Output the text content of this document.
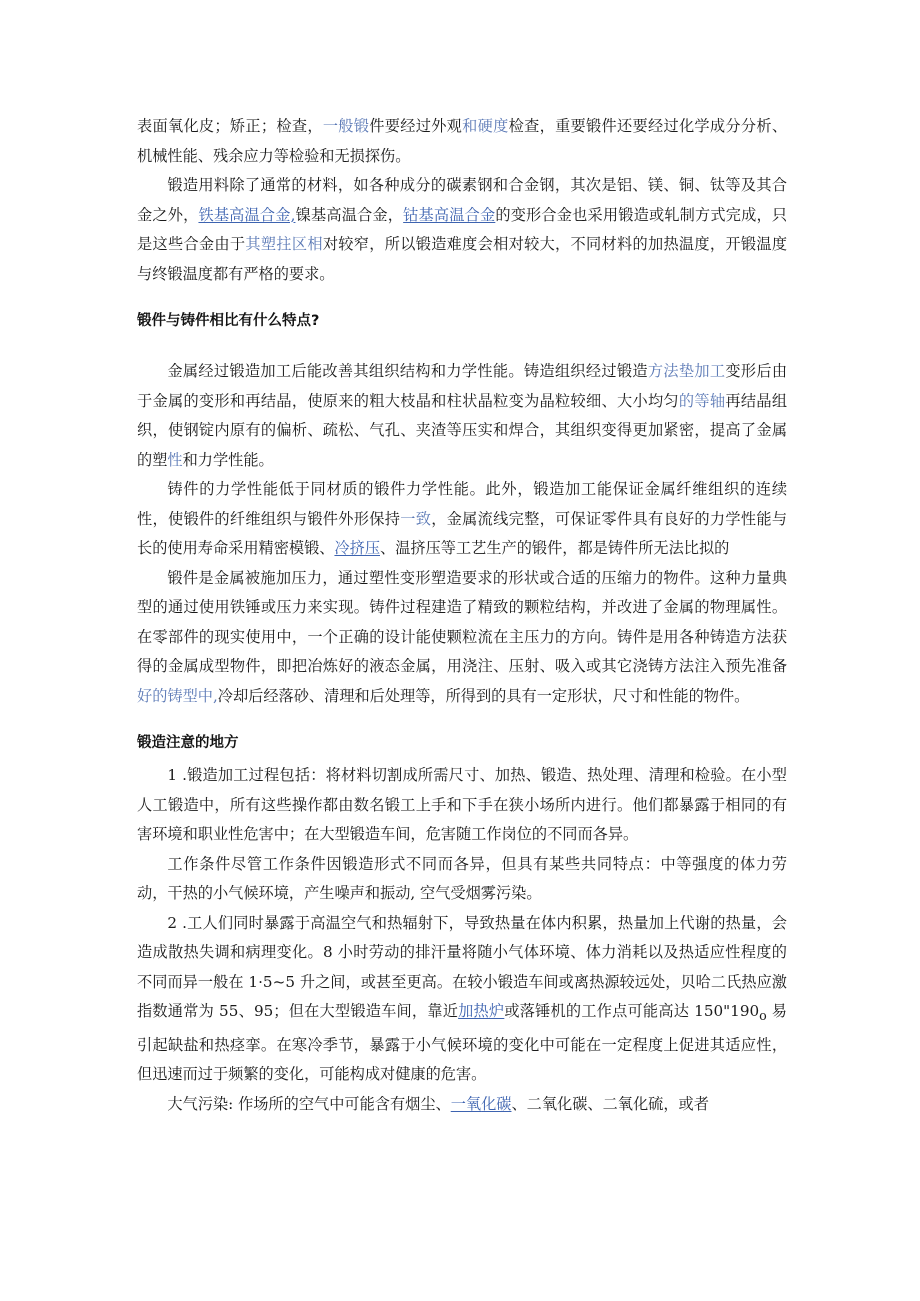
表面氧化皮；矫正；检查，一般锻件要经过外观和硬度检查，重要锻件还要经过化学成分分析、机械性能、残余应力等检验和无损探伤。

锻造用料除了通常的材料，如各种成分的碳素钢和合金钢，其次是铝、镁、铜、钛等及其合金之外，铁基高温合金,镍基高温合金，钴基高温合金的变形合金也采用锻造或轧制方式完成，只是这些合金由于其塑拄区相对较窄，所以锻造难度会相对较大，不同材料的加热温度，开锻温度与终锻温度都有严格的要求。

锻件与铸件相比有什么特点?

金属经过锻造加工后能改善其组织结构和力学性能。铸造组织经过锻造方法垫加工变形后由于金属的变形和再结晶，使原来的粗大枝晶和柱状晶粒变为晶粒较细、大小均匀的等轴再结晶组织，使钢锭内原有的偏析、疏松、气孔、夹渣等压实和焊合，其组织变得更加紧密，提高了金属的塑性和力学性能。

铸件的力学性能低于同材质的锻件力学性能。此外，锻造加工能保证金属纤维组织的连续性，使锻件的纤维组织与锻件外形保持一致，金属流线完整，可保证零件具有良好的力学性能与长的使用寿命采用精密模锻、冷挤压、温挤压等工艺生产的锻件，都是铸件所无法比拟的

锻件是金属被施加压力，通过塑性变形塑造要求的形状或合适的压缩力的物件。这种力量典型的通过使用铁锤或压力来实现。铸件过程建造了精致的颗粒结构，并改进了金属的物理属性。在零部件的现实使用中，一个正确的设计能使颗粒流在主压力的方向。铸件是用各种铸造方法获得的金属成型物件，即把冶炼好的液态金属，用浇注、压射、吸入或其它浇铸方法注入预先准备好的铸型中,冷却后经落砂、清理和后处理等，所得到的具有一定形状，尺寸和性能的物件。

锻造注意的地方

1 .锻造加工过程包括：将材料切割成所需尺寸、加热、锻造、热处理、清理和检验。在小型人工锻造中，所有这些操作都由数名锻工上手和下手在狭小场所内进行。他们都暴露于相同的有害环境和职业性危害中；在大型锻造车间，危害随工作岗位的不同而各异。

工作条件尽管工作条件因锻造形式不同而各异，但具有某些共同特点：中等强度的体力劳动，干热的小气候环境，产生噪声和振动, 空气受烟雾污染。

2 .工人们同时暴露于高温空气和热辐射下，导致热量在体内积累，热量加上代谢的热量，会造成散热失调和病理变化。8 小时劳动的排汗量将随小气体环境、体力消耗以及热适应性程度的不同而异一般在 1·5~5 升之间，或甚至更高。在较小锻造车间或离热源较远处，贝哈二氏热应激指数通常为 55、95；但在大型锻造车间，靠近加热炉或落锤机的工作点可能高达 $150"190_o$ 易引起缺盐和热痉挛。在寒冷季节，暴露于小气候环境的变化中可能在一定程度上促进其适应性，但迅速而过于频繁的变化，可能构成对健康的危害。

大气污染: 作场所的空气中可能含有烟尘、一氧化碳、二氧化碳、二氧化硫，或者
